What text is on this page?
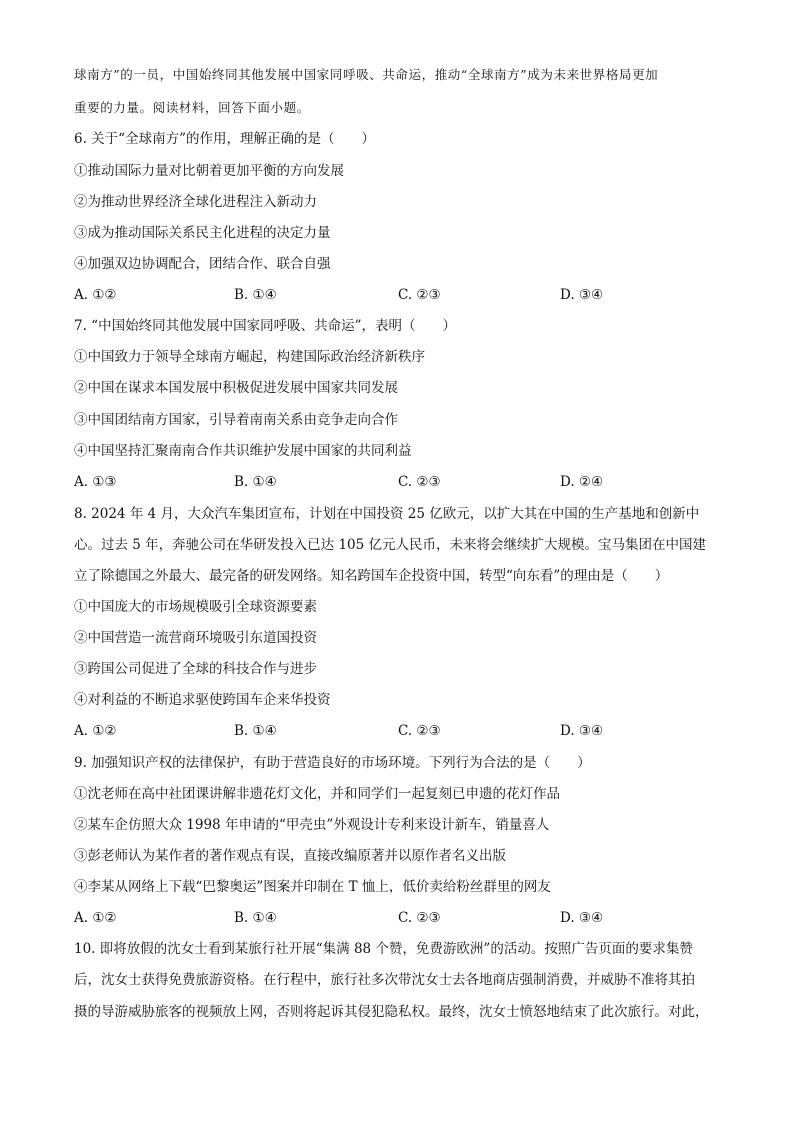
球南方”的一员，中国始终同其他发展中国家同呼吸、共命运，推动“全球南方”成为未来世界格局更加
重要的力量。阅读材料，回答下面小题。
6. 关于“全球南方”的作用，理解正确的是（　　）
①推动国际力量对比朝着更加平衡的方向发展
②为推动世界经济全球化进程注入新动力
③成为推动国际关系民主化进程的决定力量
④加强双边协调配合，团结合作、联合自强
A. ①②	B. ①④	C. ②③	D. ③④
7. “中国始终同其他发展中国家同呼吸、共命运”，表明（　　）
①中国致力于领导全球南方崛起，构建国际政治经济新秩序
②中国在谋求本国发展中积极促进发展中国家共同发展
③中国团结南方国家，引导着南南关系由竞争走向合作
④中国坚持汇聚南南合作共识维护发展中国家的共同利益
A. ①③	B. ①④	C. ②③	D. ②④
8. 2024 年 4 月，大众汽车集团宣布，计划在中国投资 25 亿欧元，以扩大其在中国的生产基地和创新中
心。过去 5 年，奔驰公司在华研发投入已达 105 亿元人民币，未来将会继续扩大规模。宝马集团在中国建
立了除德国之外最大、最完备的研发网络。知名跨国车企投资中国，转型“向东看”的理由是（　　）
①中国庞大的市场规模吸引全球资源要素
②中国营造一流营商环境吸引东道国投资
③跨国公司促进了全球的科技合作与进步
④对利益的不断追求驱使跨国车企来华投资
A. ①②	B. ①④	C. ②③	D. ③④
9. 加强知识产权的法律保护，有助于营造良好的市场环境。下列行为合法的是（　　）
①沈老师在高中社团课讲解非遗花灯文化，并和同学们一起复刻已申遗的花灯作品
②某车企仿照大众 1998 年申请的“甲壳虫”外观设计专利来设计新车，销量喜人
③彭老师认为某作者的著作观点有误，直接改编原著并以原作者名义出版
④李某从网络上下载“巴黎奥运”图案并印制在 T 恤上，低价卖给粉丝群里的网友
A. ①②	B. ①④	C. ②③	D. ③④
10. 即将放假的沈女士看到某旅行社开展“集满 88 个赞，免费游欧洲”的活动。按照广告页面的要求集赞
后，沈女士获得免费旅游资格。在行程中，旅行社多次带沈女士去各地商店强制消费，并威胁不准将其拍
摄的导游威胁旅客的视频放上网，否则将起诉其侵犯隐私权。最终，沈女士愤怒地结束了此次旅行。对此，
